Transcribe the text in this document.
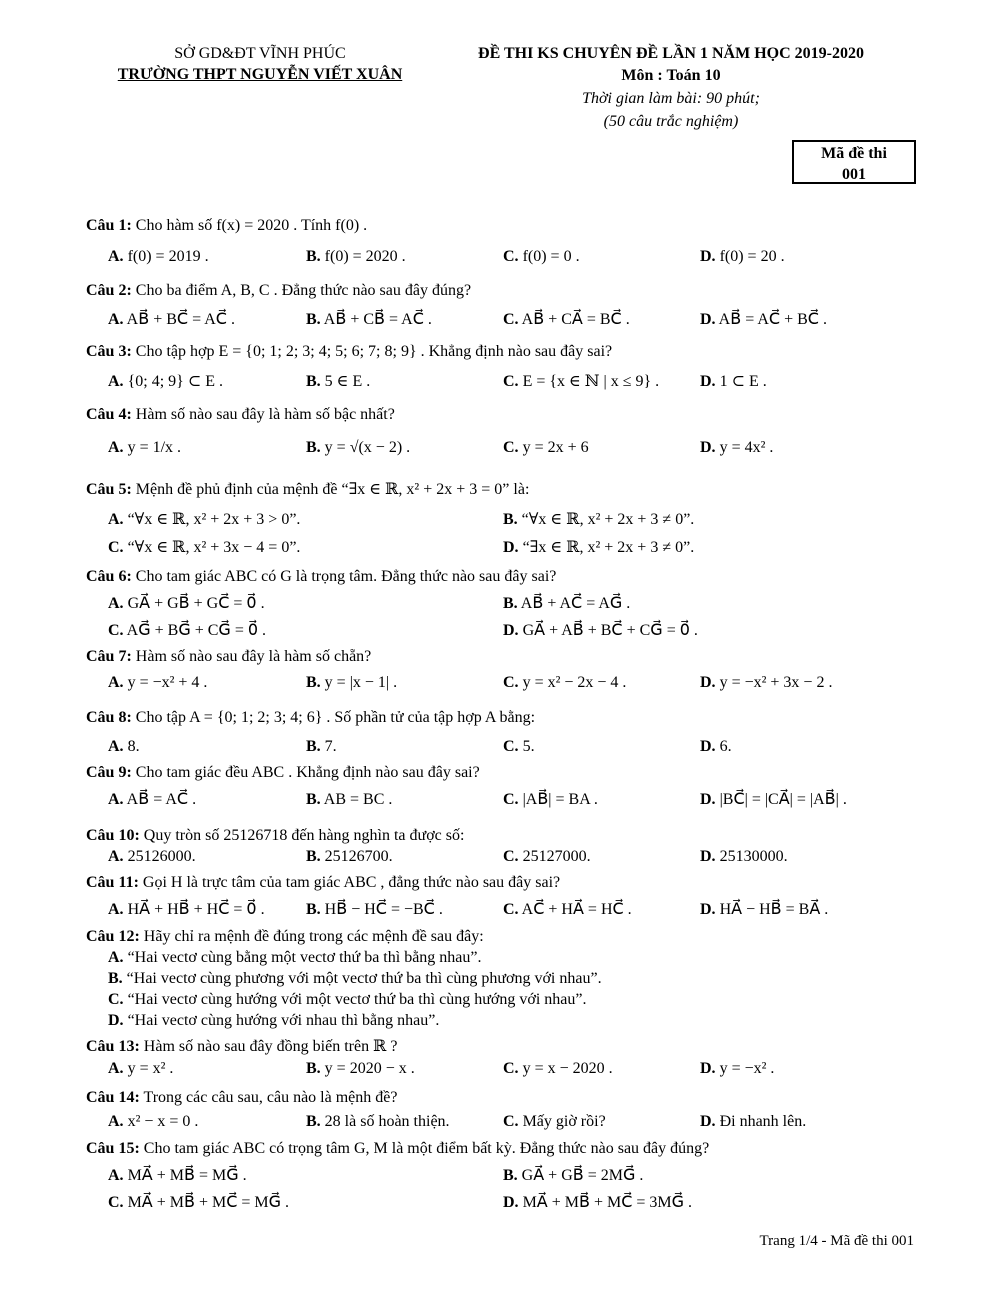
SỞ GD&ĐT VĨNH PHÚC
TRƯỜNG THPT NGUYỄN VIẾT XUÂN
ĐỀ THI KS CHUYÊN ĐỀ LẦN 1 NĂM HỌC 2019-2020
Môn : Toán 10
Thời gian làm bài: 90 phút;
(50 câu trắc nghiệm)
Mã đề thi
001
Câu 1: Cho hàm số f(x) = 2020 . Tính f(0) .
A. f(0) = 2019 .	B. f(0) = 2020 .	C. f(0) = 0 .	D. f(0) = 20 .
Câu 2: Cho ba điểm A, B, C . Đẳng thức nào sau đây đúng?
A. AB⃗ + BC⃗ = AC⃗ .	B. AB⃗ + CB⃗ = AC⃗ .	C. AB⃗ + CA⃗ = BC⃗ .	D. AB⃗ = AC⃗ + BC⃗ .
Câu 3: Cho tập hợp E = {0; 1; 2; 3; 4; 5; 6; 7; 8; 9} . Khẳng định nào sau đây sai?
A. {0; 4; 9} ⊂ E .	B. 5 ∈ E .	C. E = {x ∈ ℕ | x ≤ 9} .	D. 1 ⊂ E .
Câu 4: Hàm số nào sau đây là hàm số bậc nhất?
A. y = 1/x .	B. y = √(x − 2) .	C. y = 2x + 6	D. y = 4x² .
Câu 5: Mệnh đề phủ định của mệnh đề “∃x ∈ ℝ, x² + 2x + 3 = 0” là:
A. “∀x ∈ ℝ, x² + 2x + 3 > 0”.	B. “∀x ∈ ℝ, x² + 2x + 3 ≠ 0”.
C. “∀x ∈ ℝ, x² + 3x − 4 = 0”.	D. “∃x ∈ ℝ, x² + 2x + 3 ≠ 0”.
Câu 6: Cho tam giác ABC có G là trọng tâm. Đẳng thức nào sau đây sai?
A. GA⃗ + GB⃗ + GC⃗ = 0⃗ .	B. AB⃗ + AC⃗ = AG⃗ .
C. AG⃗ + BG⃗ + CG⃗ = 0⃗ .	D. GA⃗ + AB⃗ + BC⃗ + CG⃗ = 0⃗ .
Câu 7: Hàm số nào sau đây là hàm số chẵn?
A. y = −x² + 4 .	B. y = |x − 1| .	C. y = x² − 2x − 4 .	D. y = −x² + 3x − 2 .
Câu 8: Cho tập A = {0; 1; 2; 3; 4; 6} . Số phần tử của tập hợp A bằng:
A. 8.	B. 7.	C. 5.	D. 6.
Câu 9: Cho tam giác đều ABC . Khẳng định nào sau đây sai?
A. AB⃗ = AC⃗ .	B. AB = BC .	C. |AB⃗| = BA .	D. |BC⃗| = |CA⃗| = |AB⃗| .
Câu 10: Quy tròn số 25126718 đến hàng nghìn ta được số:
A. 25126000.	B. 25126700.	C. 25127000.	D. 25130000.
Câu 11: Gọi H là trực tâm của tam giác ABC , đẳng thức nào sau đây sai?
A. HA⃗ + HB⃗ + HC⃗ = 0⃗ .	B. HB⃗ − HC⃗ = −BC⃗ .	C. AC⃗ + HA⃗ = HC⃗ .	D. HA⃗ − HB⃗ = BA⃗ .
Câu 12: Hãy chỉ ra mệnh đề đúng trong các mệnh đề sau đây:
A. “Hai vectơ cùng bằng một vectơ thứ ba thì bằng nhau”.
B. “Hai vectơ cùng phương với một vectơ thứ ba thì cùng phương với nhau”.
C. “Hai vectơ cùng hướng với một vectơ thứ ba thì cùng hướng với nhau”.
D. “Hai vectơ cùng hướng với nhau thì bằng nhau”.
Câu 13: Hàm số nào sau đây đồng biến trên ℝ ?
A. y = x² .	B. y = 2020 − x .	C. y = x − 2020 .	D. y = −x² .
Câu 14: Trong các câu sau, câu nào là mệnh đề?
A. x² − x = 0 .	B. 28 là số hoàn thiện.	C. Mấy giờ rồi?	D. Đi nhanh lên.
Câu 15: Cho tam giác ABC có trọng tâm G, M là một điểm bất kỳ. Đẳng thức nào sau đây đúng?
A. MA⃗ + MB⃗ = MG⃗ .	B. GA⃗ + GB⃗ = 2MG⃗ .
C. MA⃗ + MB⃗ + MC⃗ = MG⃗ .	D. MA⃗ + MB⃗ + MC⃗ = 3MG⃗ .
Trang 1/4 - Mã đề thi 001
